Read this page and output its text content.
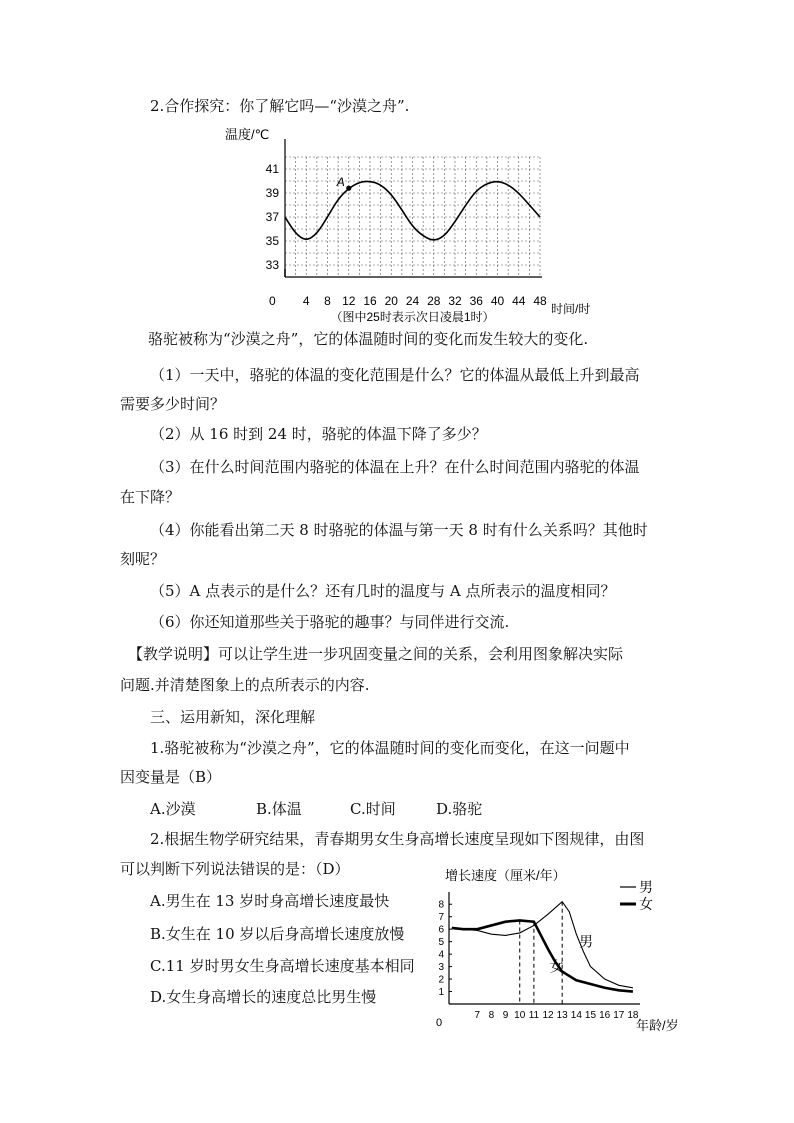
2.合作探究：你了解它吗—“沙漠之舟”.
温度/℃
时间/时
0 4 8 12 16 20 24 28 32 36 40 44 48
33
35
37
39
41
（图中25时表示次日凌晨1时）
A
骆驼被称为“沙漠之舟”，它的体温随时间的变化而发生较大的变化.
（1）一天中，骆驼的体温的变化范围是什么？它的体温从最低上升到最高
需要多少时间？
（2）从 16 时到 24 时，骆驼的体温下降了多少？
（3）在什么时间范围内骆驼的体温在上升？在什么时间范围内骆驼的体温
在下降？
（4）你能看出第二天 8 时骆驼的体温与第一天 8 时有什么关系吗？其他时
刻呢？
（5）A 点表示的是什么？还有几时的温度与 A 点所表示的温度相同？
（6）你还知道那些关于骆驼的趣事？与同伴进行交流.
【教学说明】可以让学生进一步巩固变量之间的关系，会利用图象解决实际
问题.并清楚图象上的点所表示的内容.
三、运用新知，深化理解
1.骆驼被称为“沙漠之舟”，它的体温随时间的变化而变化，在这一问题中
因变量是（B）
A.沙漠	B.体温	C.时间	D.骆驼
2.根据生物学研究结果，青春期男女生身高增长速度呈现如下图规律，由图
可以判断下列说法错误的是：（D）
A.男生在 13 岁时身高增长速度最快
B.女生在 10 岁以后身高增长速度放慢
C.11 岁时男女生身高增长速度基本相同
D.女生身高增长的速度总比男生慢
增长速度（厘米/年）
年龄/岁
0
7 8 9 10 11 12 13 14 15 16 17 18
1
2
3
4
5
6
7
8
男
女
男
女
